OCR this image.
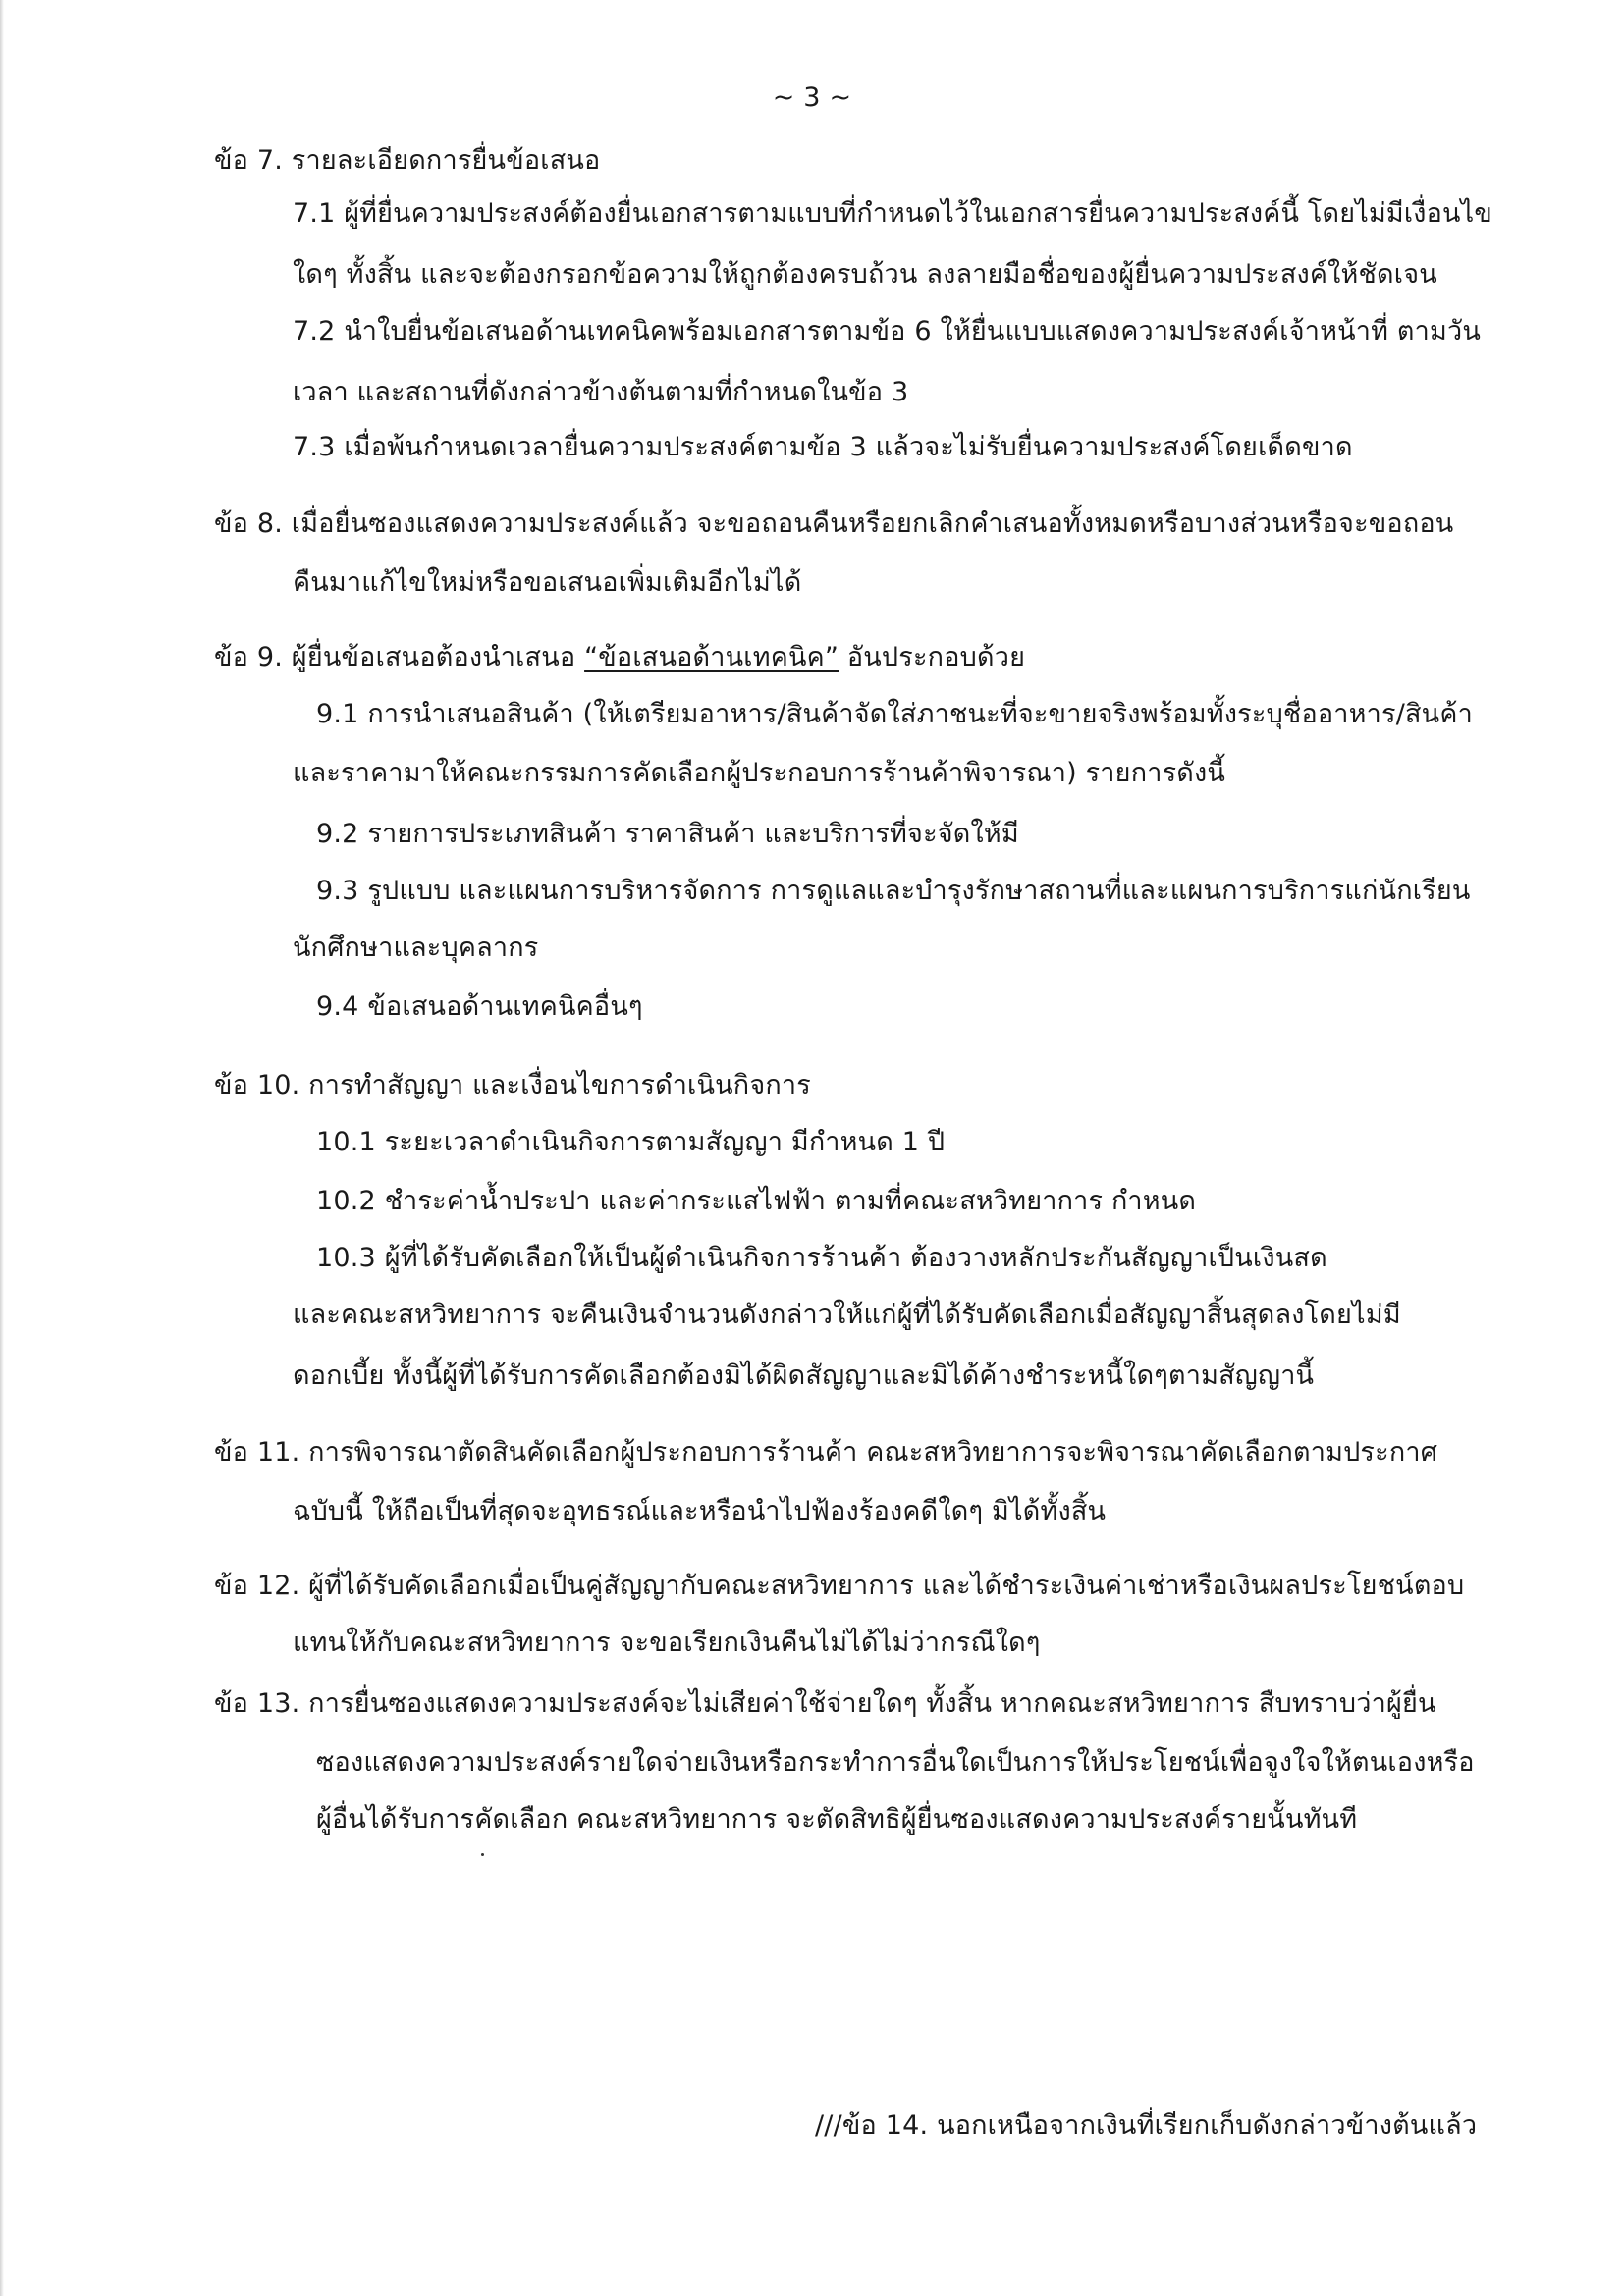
~ 3 ~
ข้อ 7. รายละเอียดการยื่นข้อเสนอ
7.1 ผู้ที่ยื่นความประสงค์ต้องยื่นเอกสารตามแบบที่กำหนดไว้ในเอกสารยื่นความประสงค์นี้ โดยไม่มีเงื่อนไข
ใดๆ ทั้งสิ้น และจะต้องกรอกข้อความให้ถูกต้องครบถ้วน ลงลายมือชื่อของผู้ยื่นความประสงค์ให้ชัดเจน
7.2 นำใบยื่นข้อเสนอด้านเทคนิคพร้อมเอกสารตามข้อ 6 ให้ยื่นแบบแสดงความประสงค์เจ้าหน้าที่ ตามวัน
เวลา และสถานที่ดังกล่าวข้างต้นตามที่กำหนดในข้อ 3
7.3 เมื่อพ้นกำหนดเวลายื่นความประสงค์ตามข้อ 3 แล้วจะไม่รับยื่นความประสงค์โดยเด็ดขาด
ข้อ 8. เมื่อยื่นซองแสดงความประสงค์แล้ว จะขอถอนคืนหรือยกเลิกคำเสนอทั้งหมดหรือบางส่วนหรือจะขอถอน
คืนมาแก้ไขใหม่หรือขอเสนอเพิ่มเติมอีกไม่ได้
ข้อ 9. ผู้ยื่นข้อเสนอต้องนำเสนอ “ข้อเสนอด้านเทคนิค” อันประกอบด้วย
9.1 การนำเสนอสินค้า (ให้เตรียมอาหาร/สินค้าจัดใส่ภาชนะที่จะขายจริงพร้อมทั้งระบุชื่ออาหาร/สินค้า
และราคามาให้คณะกรรมการคัดเลือกผู้ประกอบการร้านค้าพิจารณา) รายการดังนี้
9.2 รายการประเภทสินค้า ราคาสินค้า และบริการที่จะจัดให้มี
9.3 รูปแบบ และแผนการบริหารจัดการ การดูแลและบำรุงรักษาสถานที่และแผนการบริการแก่นักเรียน
นักศึกษาและบุคลากร
9.4 ข้อเสนอด้านเทคนิคอื่นๆ
ข้อ 10. การทำสัญญา และเงื่อนไขการดำเนินกิจการ
10.1 ระยะเวลาดำเนินกิจการตามสัญญา มีกำหนด 1 ปี
10.2 ชำระค่าน้ำประปา และค่ากระแสไฟฟ้า ตามที่คณะสหวิทยาการ กำหนด
10.3 ผู้ที่ได้รับคัดเลือกให้เป็นผู้ดำเนินกิจการร้านค้า ต้องวางหลักประกันสัญญาเป็นเงินสด
และคณะสหวิทยาการ จะคืนเงินจำนวนดังกล่าวให้แก่ผู้ที่ได้รับคัดเลือกเมื่อสัญญาสิ้นสุดลงโดยไม่มี
ดอกเบี้ย ทั้งนี้ผู้ที่ได้รับการคัดเลือกต้องมิได้ผิดสัญญาและมิได้ค้างชำระหนี้ใดๆตามสัญญานี้
ข้อ 11. การพิจารณาตัดสินคัดเลือกผู้ประกอบการร้านค้า คณะสหวิทยาการจะพิจารณาคัดเลือกตามประกาศ
ฉบับนี้ ให้ถือเป็นที่สุดจะอุทธรณ์และหรือนำไปฟ้องร้องคดีใดๆ มิได้ทั้งสิ้น
ข้อ 12. ผู้ที่ได้รับคัดเลือกเมื่อเป็นคู่สัญญากับคณะสหวิทยาการ และได้ชำระเงินค่าเช่าหรือเงินผลประโยชน์ตอบ
แทนให้กับคณะสหวิทยาการ จะขอเรียกเงินคืนไม่ได้ไม่ว่ากรณีใดๆ
ข้อ 13. การยื่นซองแสดงความประสงค์จะไม่เสียค่าใช้จ่ายใดๆ ทั้งสิ้น หากคณะสหวิทยาการ สืบทราบว่าผู้ยื่น
ซองแสดงความประสงค์รายใดจ่ายเงินหรือกระทำการอื่นใดเป็นการให้ประโยชน์เพื่อจูงใจให้ตนเองหรือ
ผู้อื่นได้รับการคัดเลือก คณะสหวิทยาการ จะตัดสิทธิผู้ยื่นซองแสดงความประสงค์รายนั้นทันที
///ข้อ 14. นอกเหนือจากเงินที่เรียกเก็บดังกล่าวข้างต้นแล้ว
